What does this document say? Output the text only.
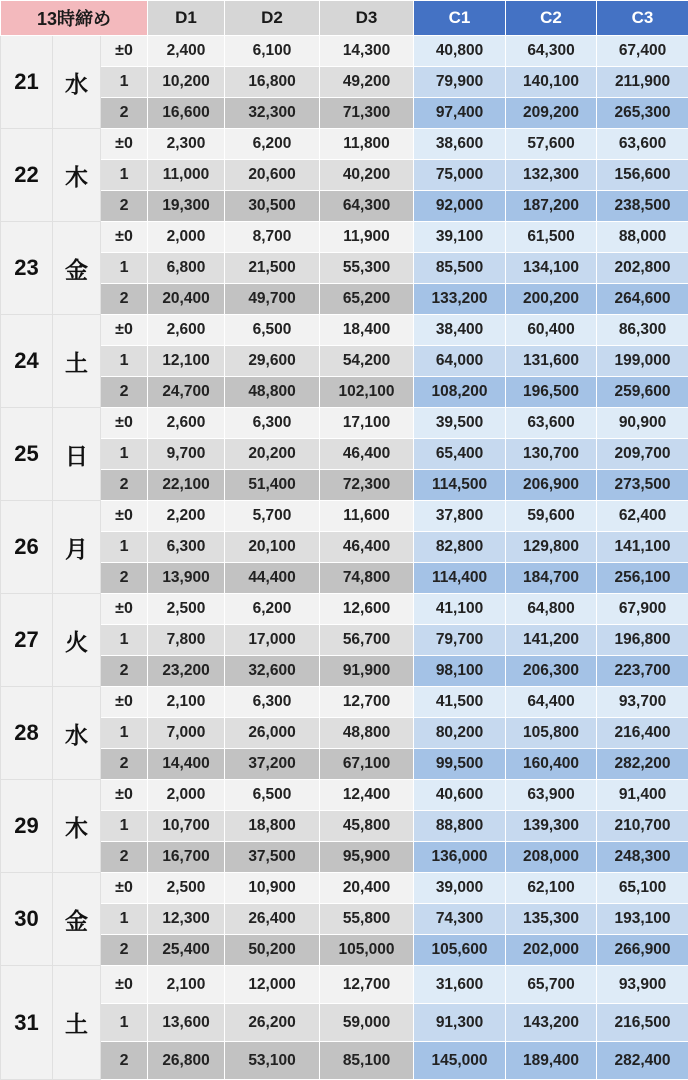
13時締め			D1	D2	D3	C1	C2	C3
21	水	±0	2,400	6,100	14,300	40,800	64,300	67,400
		1	10,200	16,800	49,200	79,900	140,100	211,900
		2	16,600	32,300	71,300	97,400	209,200	265,300
22	木	±0	2,300	6,200	11,800	38,600	57,600	63,600
		1	11,000	20,600	40,200	75,000	132,300	156,600
		2	19,300	30,500	64,300	92,000	187,200	238,500
23	金	±0	2,000	8,700	11,900	39,100	61,500	88,000
		1	6,800	21,500	55,300	85,500	134,100	202,800
		2	20,400	49,700	65,200	133,200	200,200	264,600
24	土	±0	2,600	6,500	18,400	38,400	60,400	86,300
		1	12,100	29,600	54,200	64,000	131,600	199,000
		2	24,700	48,800	102,100	108,200	196,500	259,600
25	日	±0	2,600	6,300	17,100	39,500	63,600	90,900
		1	9,700	20,200	46,400	65,400	130,700	209,700
		2	22,100	51,400	72,300	114,500	206,900	273,500
26	月	±0	2,200	5,700	11,600	37,800	59,600	62,400
		1	6,300	20,100	46,400	82,800	129,800	141,100
		2	13,900	44,400	74,800	114,400	184,700	256,100
27	火	±0	2,500	6,200	12,600	41,100	64,800	67,900
		1	7,800	17,000	56,700	79,700	141,200	196,800
		2	23,200	32,600	91,900	98,100	206,300	223,700
28	水	±0	2,100	6,300	12,700	41,500	64,400	93,700
		1	7,000	26,000	48,800	80,200	105,800	216,400
		2	14,400	37,200	67,100	99,500	160,400	282,200
29	木	±0	2,000	6,500	12,400	40,600	63,900	91,400
		1	10,700	18,800	45,800	88,800	139,300	210,700
		2	16,700	37,500	95,900	136,000	208,000	248,300
30	金	±0	2,500	10,900	20,400	39,000	62,100	65,100
		1	12,300	26,400	55,800	74,300	135,300	193,100
		2	25,400	50,200	105,000	105,600	202,000	266,900
31	土	±0	2,100	12,000	12,700	31,600	65,700	93,900
		1	13,600	26,200	59,000	91,300	143,200	216,500
		2	26,800	53,100	85,100	145,000	189,400	282,400
